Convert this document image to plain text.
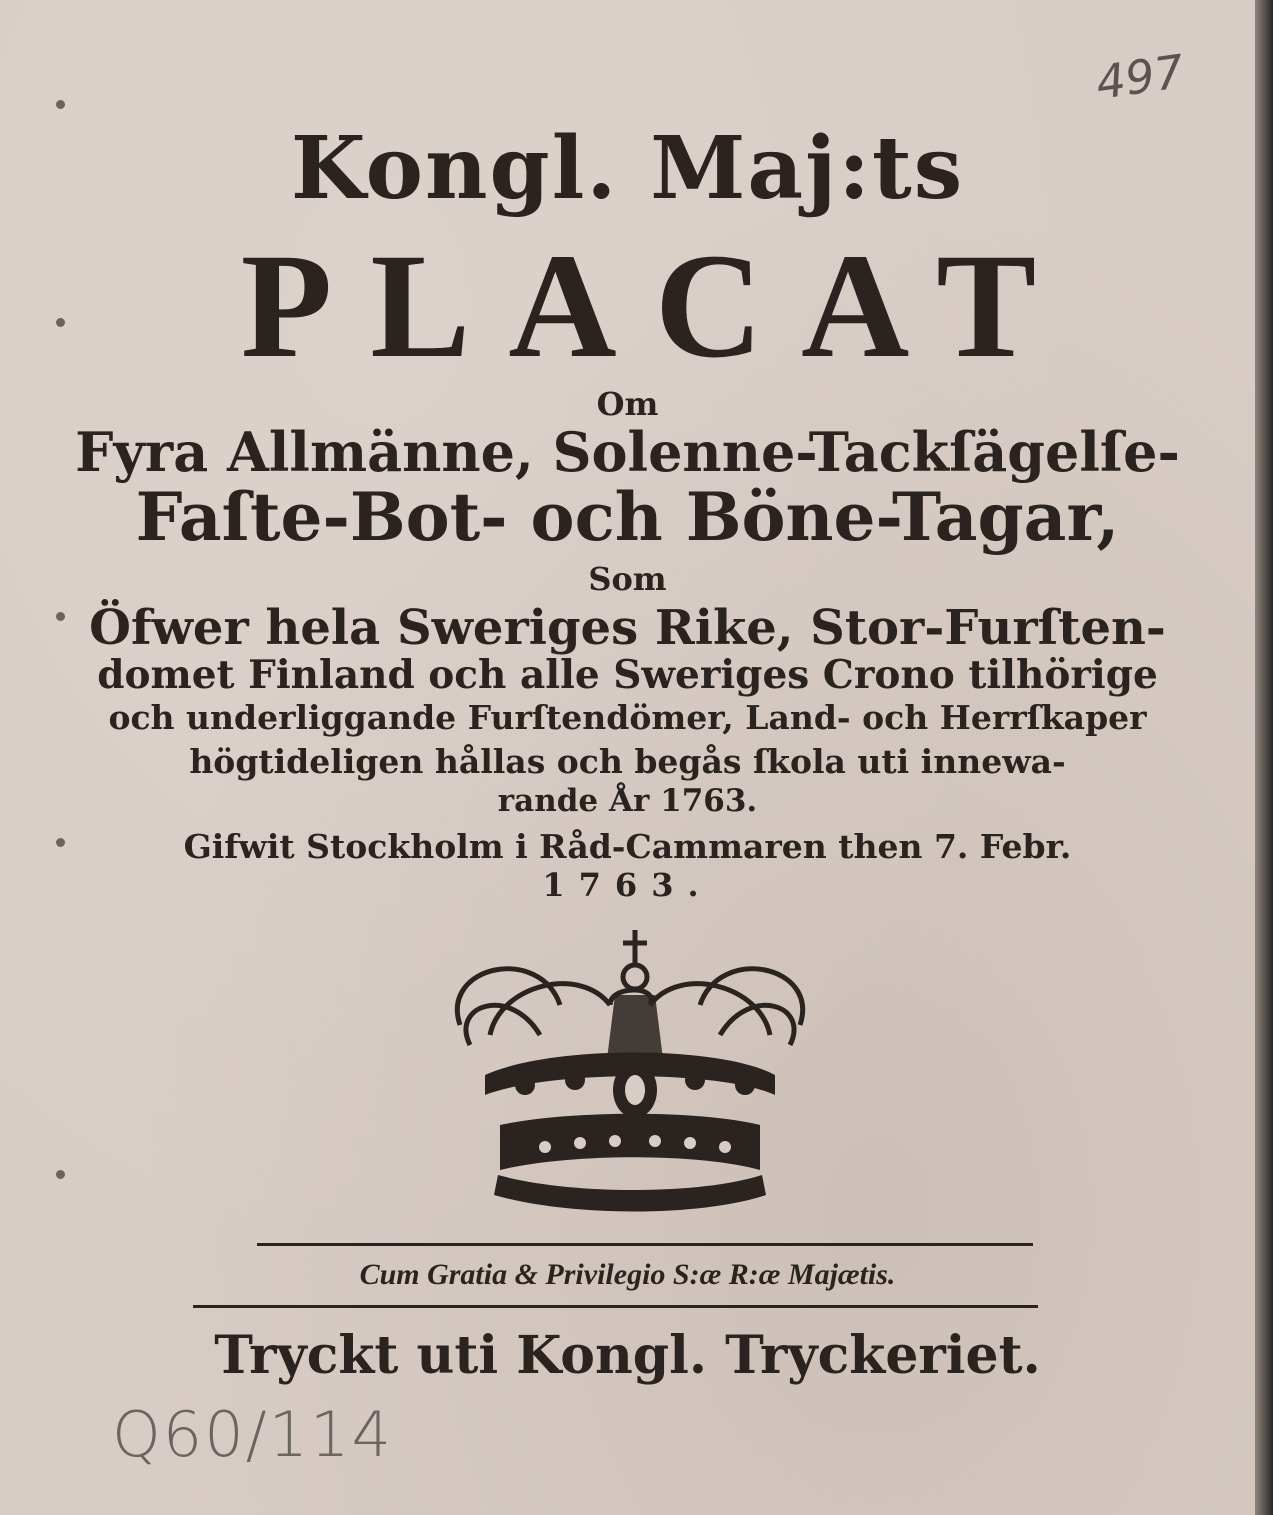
497
Kongl. Maj:ts
PLACAT
Om
Fyra Allmänne, Solenne-Tackſägelſe-
Faſte-Bot- och Böne-Tagar,
Som
Öfwer hela Sweriges Rike, Stor-Furſten-
domet Finland och alle Sweriges Crono tilhörige
och underliggande Furſtendömer, Land- och Herrſkaper
högtideligen hållas och begås ſkola uti innewa-
rande År 1763.
Gifwit Stockholm i Råd-Cammaren then 7. Febr.
1763.
Cum Gratia & Privilegio S:æ R:æ Majætis.
Tryckt uti Kongl. Tryckeriet.
Q60/114
